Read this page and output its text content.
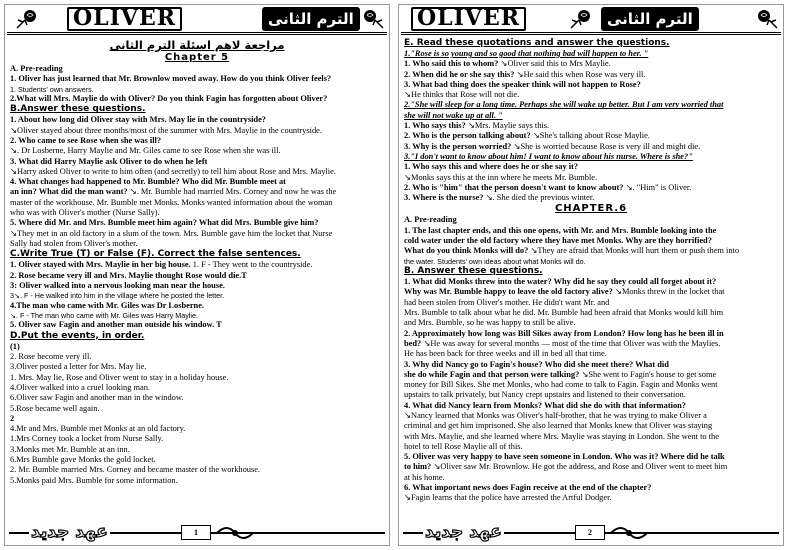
OLIVER	الترم الثانى
مراجعة لاهم اسئلة الترم الثانى

Chapter 5

A. Pre-reading

1. Oliver has just learned that Mr. Brownlow moved away. How do you think Oliver feels?

1. Students' own answers.

2.What will Mrs. Maylie do with Oliver? Do you think Fagin has forgotten about Oliver?

B.Answer these questions.

1. About how long did Oliver stay with Mrs. May lie in the countryside?

↘Oliver stayed about three months/most of the summer with Mrs. Maylie in the countryside.

2. Who came to see Rose when she was ill?

↘. Dr Losberne, Harry Maylie and Mr. Giles came to see Rose when she was ill.

3. What did Harry Maylie ask Oliver to do when he left

↘Harry asked Oliver to write to him often (and secretly) to tell him about Rose and Mrs. Maylie.

4. What changes had happened to Mr. Bumble? Who did Mr. Bumble meet at

an inn? What did the man want? ↘. Mr. Bumble had married Mrs. Corney and now he was the

master of the workhouse. Mr. Bumble met Monks. Monks wanted information about the woman

who was with Oliver's mother (Nurse Sally).

5. Where did Mr. and Mrs. Bumble meet him again? What did Mrs. Bumble give him?

↘They met in an old factory in a slum of the town. Mrs. Bumble gave him the locket that Nurse

Sally had stolen from Oliver's mother.

C.Write True (T) or False (F). Correct the false sentences.

1. Oliver stayed with Mrs. Maylie in her big house. 1. F - They went to the countryside.

2. Rose became very ill and Mrs. Maylie thought Rose would die.T

3: Oliver walked into a nervous looking man near the house.

3↘. F - He walked into him in the village where he posted the letter.

4.The man who came with Mr. Giles was Dr Losberne.

↘. F - The man who came with Mr. Giles was Harry Maylie.

5. Oliver saw Fagin and another man outside his window. T

D.Put the events, in order.

(1)

2. Rose become very ill.

3.Oliver posted a letter for Mrs. May lie.

1. Mrs. May lie, Rose and Oliver went to stay in a holiday house.

4.Oliver walked into a cruel looking man.

6.Oliver saw Fagin and another man in the window.

5.Rose became well again.

2

4.Mr and Mrs. Bumble met Monks at an old factory.

1.Mrs Corney took a locket from Nurse Sally.

3.Monks met Mr. Bumble at an inn.

6.Mrs Bumble gave Monks the gold locket.

2. Mr. Bumble married Mrs. Corney and became master of the workhouse.

5.Monks paid Mrs. Bumble for some information.

عهد جديد	1
OLIVER	الترم الثانى

E. Read these quotations and answer the questions.

1."Rose is so young and so good that nothing bad will happen to her. "

1. Who said this to whom? ↘Oliver said this to Mrs Maylie.

2. When did he or she say this? ↘He said this when Rose was very ill.

3. What bad thing does the speaker think will not happen to Rose?

↘He thinks that Rose will not die.

2."She will sleep for a long time. Perhaps she will wake up better. But I am very worried that

she will not wake up at all. "

1. Who says this? ↘Mrs. Maylie says this.

2. Who is the person talking about? ↘She's talking about Rose Maylie.

3. Why is the person worried? ↘She is worried because Rose is very ill and might die.

3."I don't want to know about him! I want to know about his nurse. Where is she?"

1. Who says this and where does he or she say it?

↘Monks says this at the inn where he meets Mr. Bumble.

2. Who is "him" that the person doesn't want to know about? ↘. "Him" is Oliver.

3. Where is the nurse? ↘. She died the previous winter.

CHAPTER.6

A. Pre-reading

1. The last chapter ends, and this one opens, with Mr. and Mrs. Bumble looking into the

cold water under the old factory where they have met Monks. Why are they horrified?

What do you think Monks will do? ↘They are afraid that Monks will hurt them or push them into

the water. Students' own ideas about what Monks will do.

B. Answer these questions.

1. What did Monks threw into the water? Why did he say they could all forget about it?

Why was Mr. Bumble happy to leave the old factory alive? ↘Monks threw in the locket that

had been stolen from Oliver's mother. He didn't want Mr. and

Mrs. Bumble to talk about what he did. Mr. Bumble had been afraid that Monks would kill him

and Mrs. Bumble, so he was happy to still be alive.

2. Approximately how long was Bill Sikes away from London? How long has he been ill in

bed? ↘He was away for several months — most of the time that Oliver was with the Maylies.

He has been back for three weeks and ill in bed all that time.

3. Why did Nancy go to Fagin's house? Who did she meet there? What did

she do while Fagin and that person were talking? ↘She went to Fagin's house to get some

money for Bill Sikes. She met Monks, who had come to talk to Fagin. Fagin and Monks went

upstairs to talk privately, but Nancy crept upstairs and listened to their conversation.

4. What did Nancy learn from Monks? What did she do with that information?

↘Nancy learned that Monks was Oliver's half-brother, that he was trying to make Oliver a

criminal and get him imprisoned. She also learned that Monks knew that Oliver was staying

with Mrs. Maylie, and she learned where Mrs. Maylie was staying in London. She went to the

hotel to tell Rose Maylie all of this.

5. Oliver was very happy to have seen someone in London. Who was it? Where did he talk

to him? ↘Oliver saw Mr. Brownlow. He got the address, and Rose and Oliver went to meet him

at his home.

6. What important news does Fagin receive at the end of the chapter?

↘Fagin learns that the police have arrested the Artful Dodger.

عهد جديد	2
